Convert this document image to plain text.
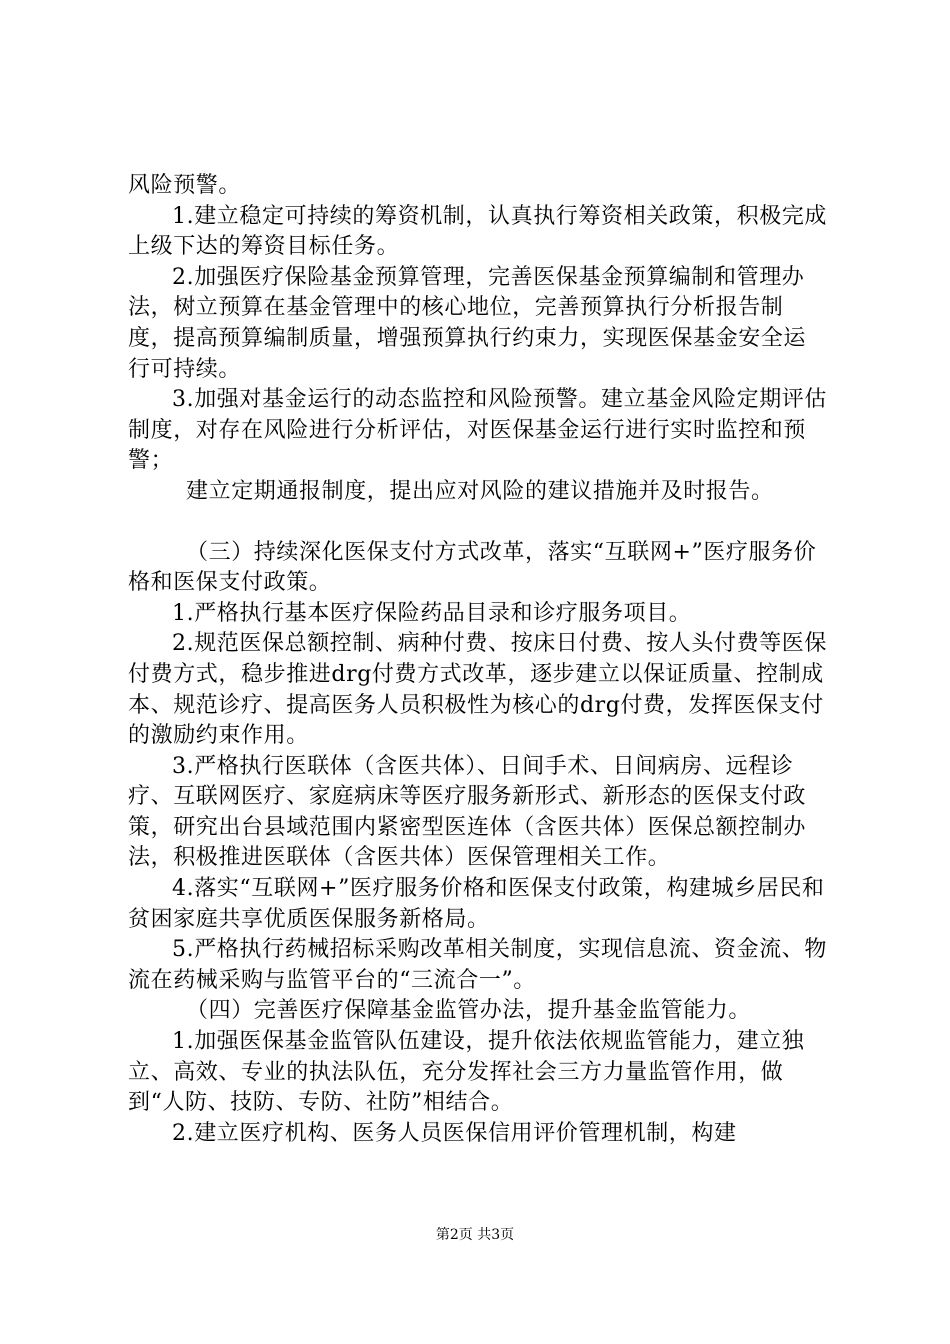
风险预警。

1.建立稳定可持续的筹资机制，认真执行筹资相关政策，积极完成上级下达的筹资目标任务。

2.加强医疗保险基金预算管理，完善医保基金预算编制和管理办法，树立预算在基金管理中的核心地位，完善预算执行分析报告制度，提高预算编制质量，增强预算执行约束力，实现医保基金安全运行可持续。

3.加强对基金运行的动态监控和风险预警。建立基金风险定期评估制度，对存在风险进行分析评估，对医保基金运行进行实时监控和预警；

建立定期通报制度，提出应对风险的建议措施并及时报告。

（三）持续深化医保支付方式改革，落实“互联网+”医疗服务价格和医保支付政策。

1.严格执行基本医疗保险药品目录和诊疗服务项目。

2.规范医保总额控制、病种付费、按床日付费、按人头付费等医保付费方式，稳步推进drg付费方式改革，逐步建立以保证质量、控制成本、规范诊疗、提高医务人员积极性为核心的drg付费，发挥医保支付的激励约束作用。

3.严格执行医联体（含医共体）、日间手术、日间病房、远程诊疗、互联网医疗、家庭病床等医疗服务新形式、新形态的医保支付政策，研究出台县域范围内紧密型医连体（含医共体）医保总额控制办法，积极推进医联体（含医共体）医保管理相关工作。

4.落实“互联网+”医疗服务价格和医保支付政策，构建城乡居民和贫困家庭共享优质医保服务新格局。

5.严格执行药械招标采购改革相关制度，实现信息流、资金流、物流在药械采购与监管平台的“三流合一”。

（四）完善医疗保障基金监管办法，提升基金监管能力。

1.加强医保基金监管队伍建设，提升依法依规监管能力，建立独立、高效、专业的执法队伍，充分发挥社会三方力量监管作用，做到“人防、技防、专防、社防”相结合。

2.建立医疗机构、医务人员医保信用评价管理机制，构建

第2页 共3页
